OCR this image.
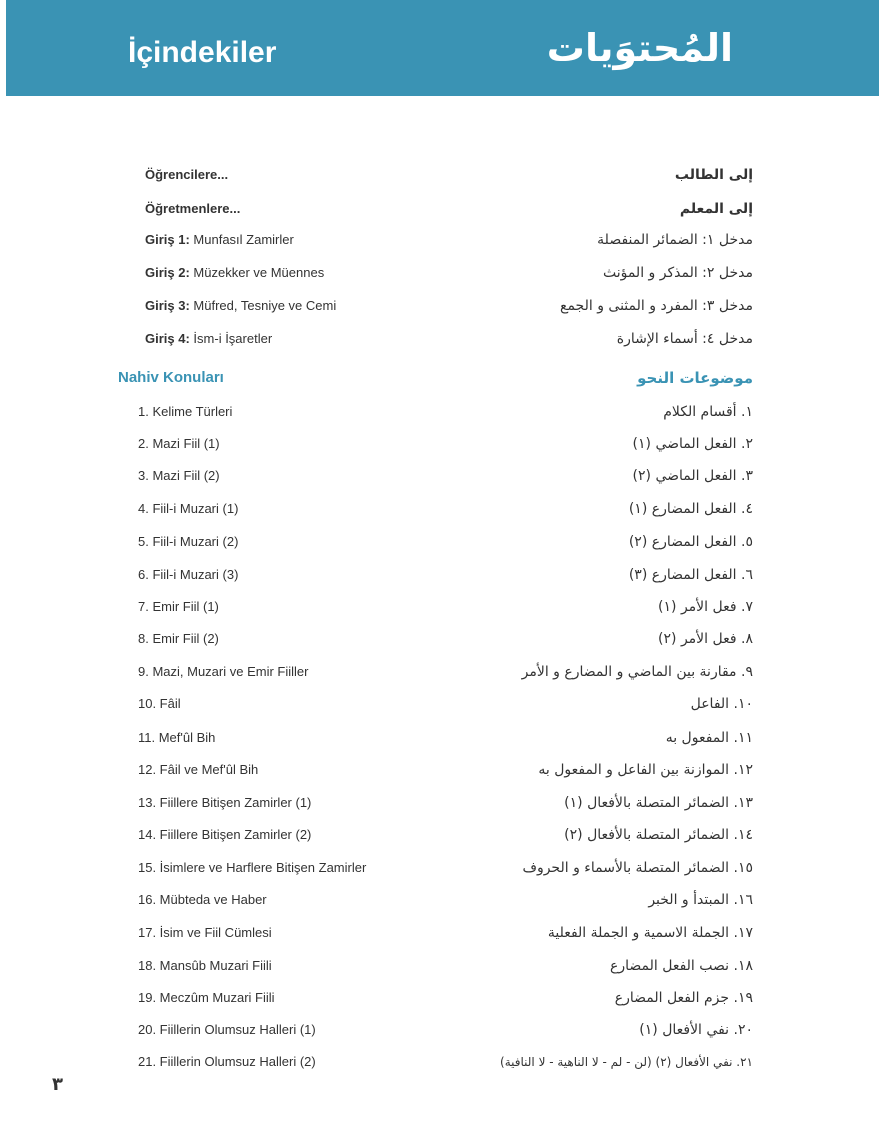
İçindekiler	المُحتوَيات
Öğrencilere...	إلى الطالب
Öğretmenlere...	إلى المعلم
Giriş 1: Munfasıl Zamirler	مدخل ١: الضمائر المنفصلة
Giriş 2: Müzekker ve Müennes	مدخل ٢: المذكر و المؤنث
Giriş 3: Müfred, Tesniye ve Cemi	مدخل ٣: المفرد و المثنى و الجمع
Giriş 4: İsm-i İşaretler	مدخل ٤: أسماء الإشارة
Nahiv Konuları	موضوعات النحو
1. Kelime Türleri	١. أقسام الكلام
2. Mazi Fiil (1)	٢. الفعل الماضي (١)
3. Mazi Fiil (2)	٣. الفعل الماضي (٢)
4. Fiil-i Muzari (1)	٤. الفعل المضارع (١)
5. Fiil-i Muzari (2)	٥. الفعل المضارع (٢)
6. Fiil-i Muzari (3)	٦. الفعل المضارع (٣)
7. Emir Fiil (1)	٧. فعل الأمر (١)
8. Emir Fiil (2)	٨. فعل الأمر (٢)
9. Mazi, Muzari ve Emir Fiiller	٩. مقارنة بين الماضي و المضارع و الأمر
10. Fâil	١٠. الفاعل
11. Mef'ûl Bih	١١. المفعول به
12. Fâil ve Mef'ûl Bih	١٢. الموازنة بين الفاعل و المفعول به
13. Fiillere Bitişen Zamirler (1)	١٣. الضمائر المتصلة بالأفعال (١)
14. Fiillere Bitişen Zamirler (2)	١٤. الضمائر المتصلة بالأفعال (٢)
15. İsimlere ve Harflere Bitişen Zamirler	١٥. الضمائر المتصلة بالأسماء و الحروف
16. Mübteda ve Haber	١٦. المبتدأ و الخبر
17. İsim ve Fiil Cümlesi	١٧. الجملة الاسمية و الجملة الفعلية
18. Mansûb Muzari Fiili	١٨. نصب الفعل المضارع
19. Meczûm Muzari Fiili	١٩. جزم الفعل المضارع
20. Fiillerin Olumsuz Halleri (1)	٢٠. نفي الأفعال (١)
21. Fiillerin Olumsuz Halleri (2)	٢١. نفي الأفعال (٢) (لن - لم - لا الناهية - لا النافية)
٣
